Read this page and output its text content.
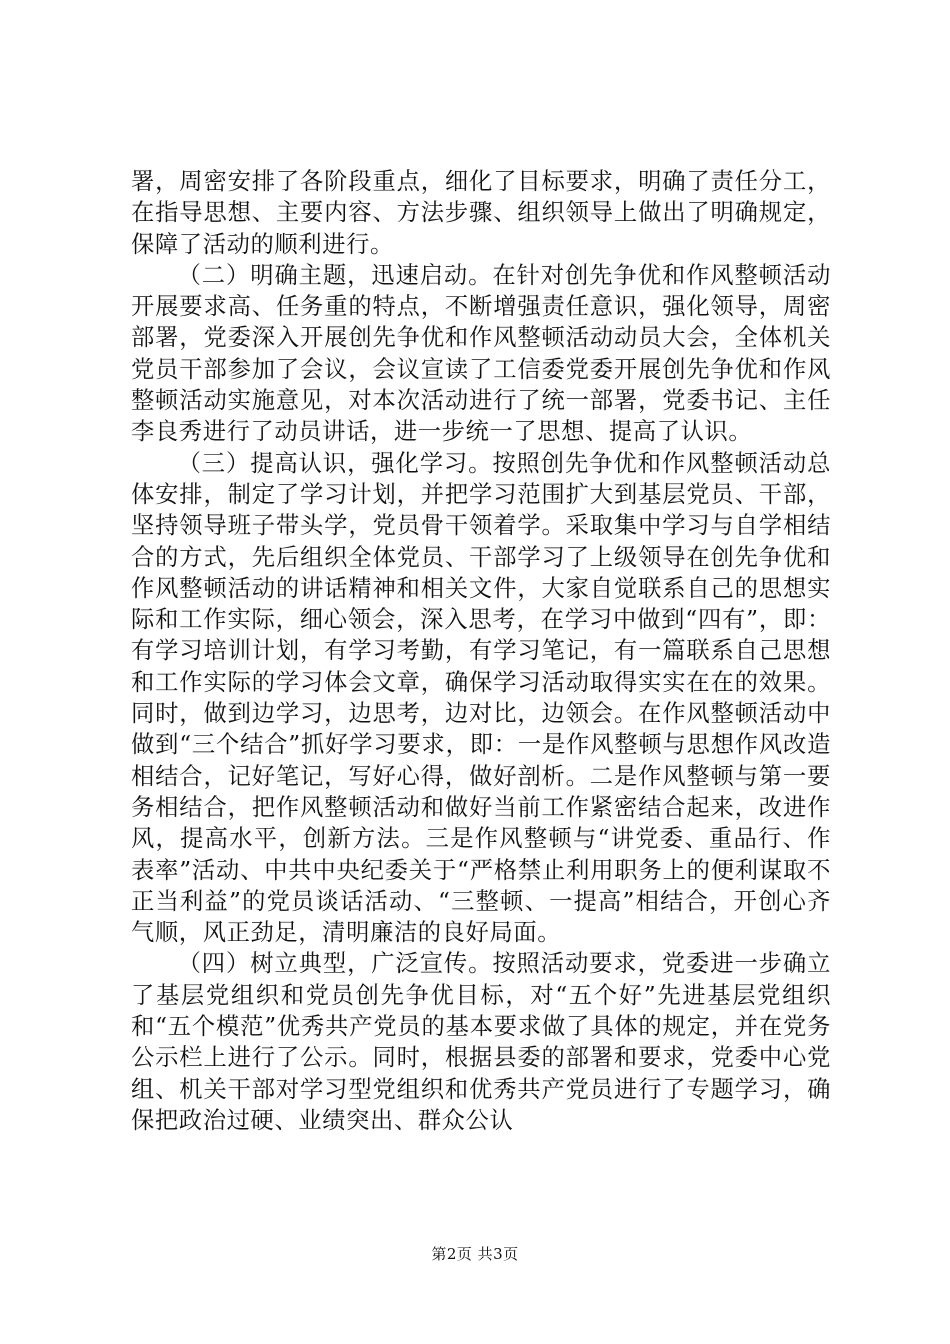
署，周密安排了各阶段重点，细化了目标要求，明确了责任分工，在指导思想、主要内容、方法步骤、组织领导上做出了明确规定，保障了活动的顺利进行。

（二）明确主题，迅速启动。在针对创先争优和作风整顿活动开展要求高、任务重的特点，不断增强责任意识，强化领导，周密部署，党委深入开展创先争优和作风整顿活动动员大会，全体机关党员干部参加了会议，会议宣读了工信委党委开展创先争优和作风整顿活动实施意见，对本次活动进行了统一部署，党委书记、主任李良秀进行了动员讲话，进一步统一了思想、提高了认识。

（三）提高认识，强化学习。按照创先争优和作风整顿活动总体安排，制定了学习计划，并把学习范围扩大到基层党员、干部，坚持领导班子带头学，党员骨干领着学。采取集中学习与自学相结合的方式，先后组织全体党员、干部学习了上级领导在创先争优和作风整顿活动的讲话精神和相关文件，大家自觉联系自己的思想实际和工作实际，细心领会，深入思考，在学习中做到“四有”，即：有学习培训计划，有学习考勤，有学习笔记，有一篇联系自己思想和工作实际的学习体会文章，确保学习活动取得实实在在的效果。同时，做到边学习，边思考，边对比，边领会。在作风整顿活动中做到“三个结合”抓好学习要求，即：一是作风整顿与思想作风改造相结合，记好笔记，写好心得，做好剖析。二是作风整顿与第一要务相结合，把作风整顿活动和做好当前工作紧密结合起来，改进作风，提高水平，创新方法。三是作风整顿与“讲党委、重品行、作表率”活动、中共中央纪委关于“严格禁止利用职务上的便利谋取不正当利益”的党员谈话活动、“三整顿、一提高”相结合，开创心齐气顺，风正劲足，清明廉洁的良好局面。

（四）树立典型，广泛宣传。按照活动要求，党委进一步确立了基层党组织和党员创先争优目标，对“五个好”先进基层党组织和“五个模范”优秀共产党员的基本要求做了具体的规定，并在党务公示栏上进行了公示。同时，根据县委的部署和要求，党委中心党组、机关干部对学习型党组织和优秀共产党员进行了专题学习，确保把政治过硬、业绩突出、群众公认

第2页 共3页
